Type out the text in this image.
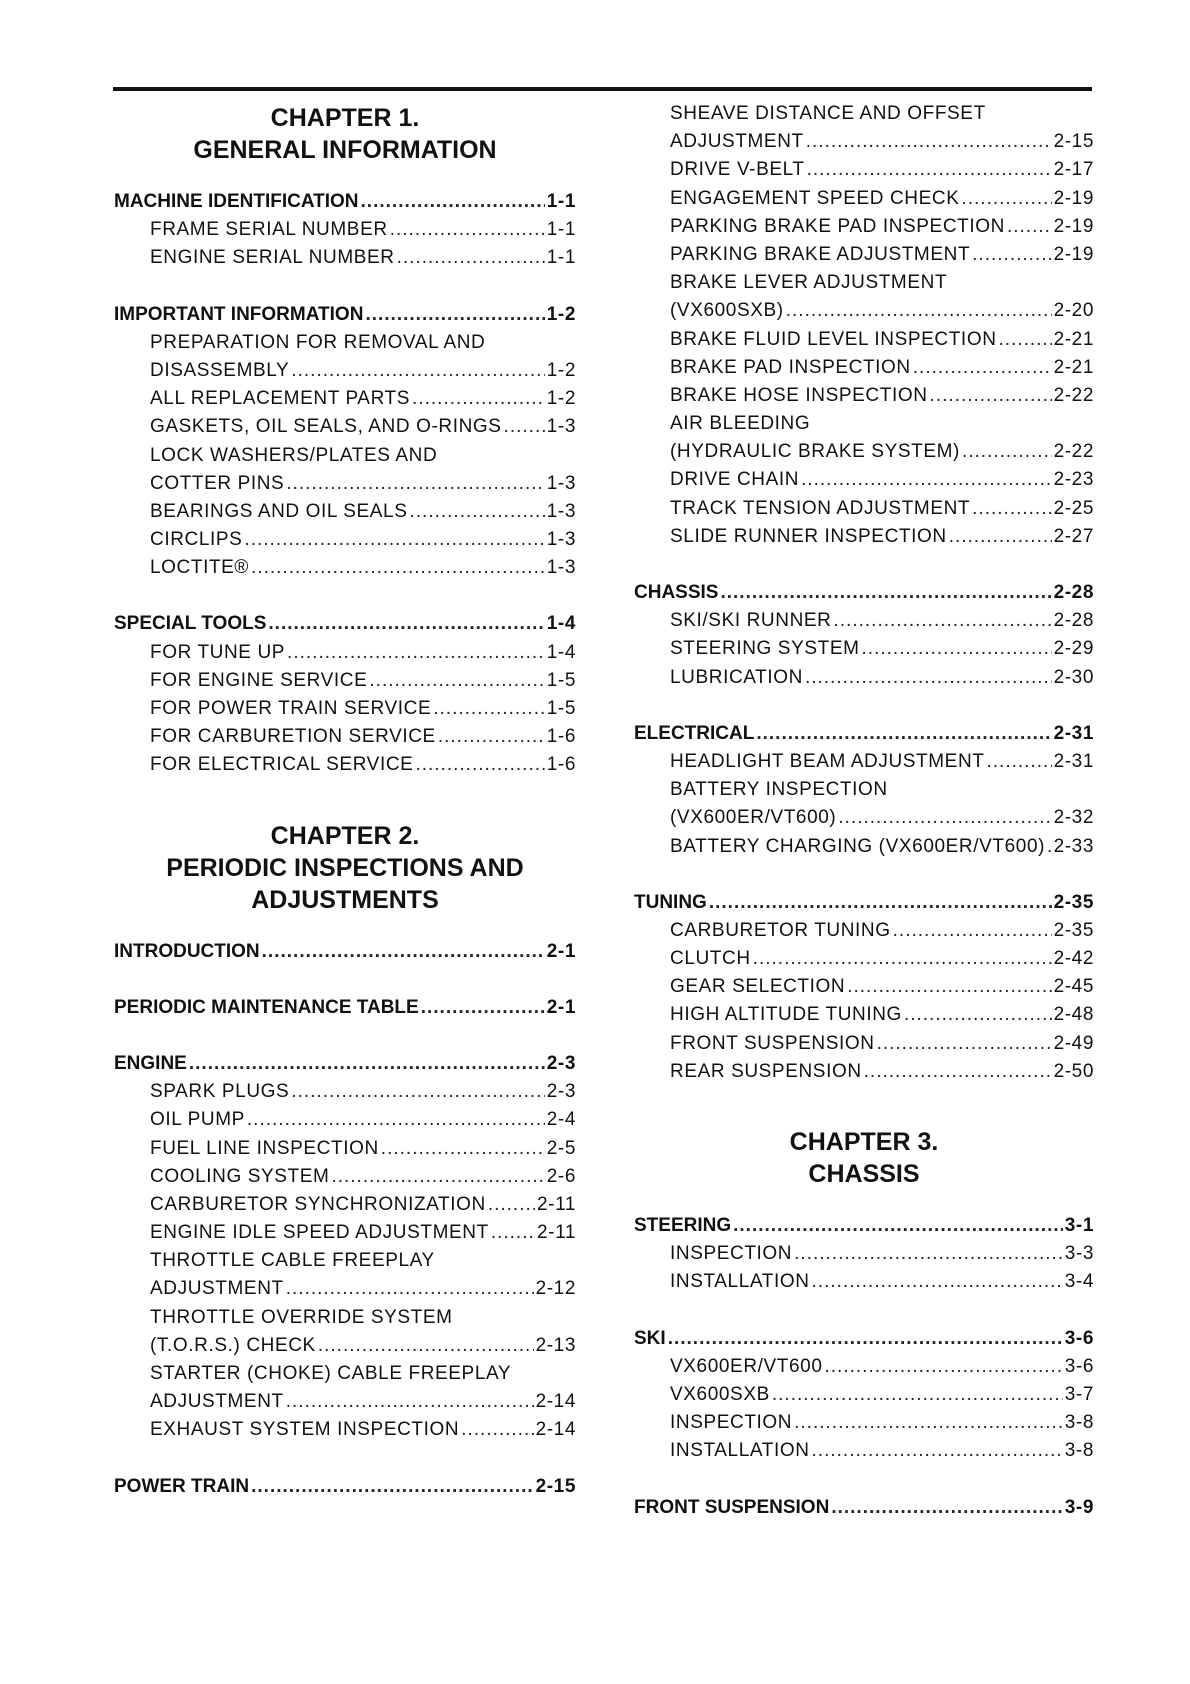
CHAPTER 1.
GENERAL INFORMATION
MACHINE IDENTIFICATION .....	1-1
FRAME SERIAL NUMBER .....	1-1
ENGINE SERIAL NUMBER .....	1-1
IMPORTANT INFORMATION .....	1-2
PREPARATION FOR REMOVAL AND
DISASSEMBLY .....	1-2
ALL REPLACEMENT PARTS .....	1-2
GASKETS, OIL SEALS, AND O-RINGS ..... 1-3
LOCK WASHERS/PLATES AND
COTTER PINS .....	1-3
BEARINGS AND OIL SEALS .....	1-3
CIRCLIPS .....	1-3
LOCTITE® .....	1-3
SPECIAL TOOLS .....	1-4
FOR TUNE UP .....	1-4
FOR ENGINE SERVICE .....	1-5
FOR POWER TRAIN SERVICE .....	1-5
FOR CARBURETION SERVICE .....	1-6
FOR ELECTRICAL SERVICE .....	1-6
CHAPTER 2.
PERIODIC INSPECTIONS AND
ADJUSTMENTS
INTRODUCTION .....	2-1
PERIODIC MAINTENANCE TABLE .....	2-1
ENGINE .....	2-3
SPARK PLUGS .....	2-3
OIL PUMP .....	2-4
FUEL LINE INSPECTION .....	2-5
COOLING SYSTEM .....	2-6
CARBURETOR SYNCHRONIZATION .....	2-11
ENGINE IDLE SPEED ADJUSTMENT .....	2-11
THROTTLE CABLE FREEPLAY
ADJUSTMENT .....	2-12
THROTTLE OVERRIDE SYSTEM
(T.O.R.S.) CHECK .....	2-13
STARTER (CHOKE) CABLE FREEPLAY
ADJUSTMENT .....	2-14
EXHAUST SYSTEM INSPECTION .....	2-14
POWER TRAIN .....	2-15
SHEAVE DISTANCE AND OFFSET
ADJUSTMENT .....	2-15
DRIVE V-BELT .....	2-17
ENGAGEMENT SPEED CHECK .....	2-19
PARKING BRAKE PAD INSPECTION .....	2-19
PARKING BRAKE ADJUSTMENT .....	2-19
BRAKE LEVER ADJUSTMENT
(VX600SXB) .....	2-20
BRAKE FLUID LEVEL INSPECTION .....	2-21
BRAKE PAD INSPECTION .....	2-21
BRAKE HOSE INSPECTION .....	2-22
AIR BLEEDING
(HYDRAULIC BRAKE SYSTEM) .....	2-22
DRIVE CHAIN .....	2-23
TRACK TENSION ADJUSTMENT .....	2-25
SLIDE RUNNER INSPECTION .....	2-27
CHASSIS .....	2-28
SKI/SKI RUNNER .....	2-28
STEERING SYSTEM .....	2-29
LUBRICATION .....	2-30
ELECTRICAL .....	2-31
HEADLIGHT BEAM ADJUSTMENT .....	2-31
BATTERY INSPECTION
(VX600ER/VT600) .....	2-32
BATTERY CHARGING (VX600ER/VT600) ..... 2-33
TUNING .....	2-35
CARBURETOR TUNING .....	2-35
CLUTCH .....	2-42
GEAR SELECTION .....	2-45
HIGH ALTITUDE TUNING .....	2-48
FRONT SUSPENSION .....	2-49
REAR SUSPENSION .....	2-50
CHAPTER 3.
CHASSIS
STEERING .....	3-1
INSPECTION .....	3-3
INSTALLATION .....	3-4
SKI .....	3-6
VX600ER/VT600 .....	3-6
VX600SXB .....	3-7
INSPECTION .....	3-8
INSTALLATION .....	3-8
FRONT SUSPENSION .....	3-9
